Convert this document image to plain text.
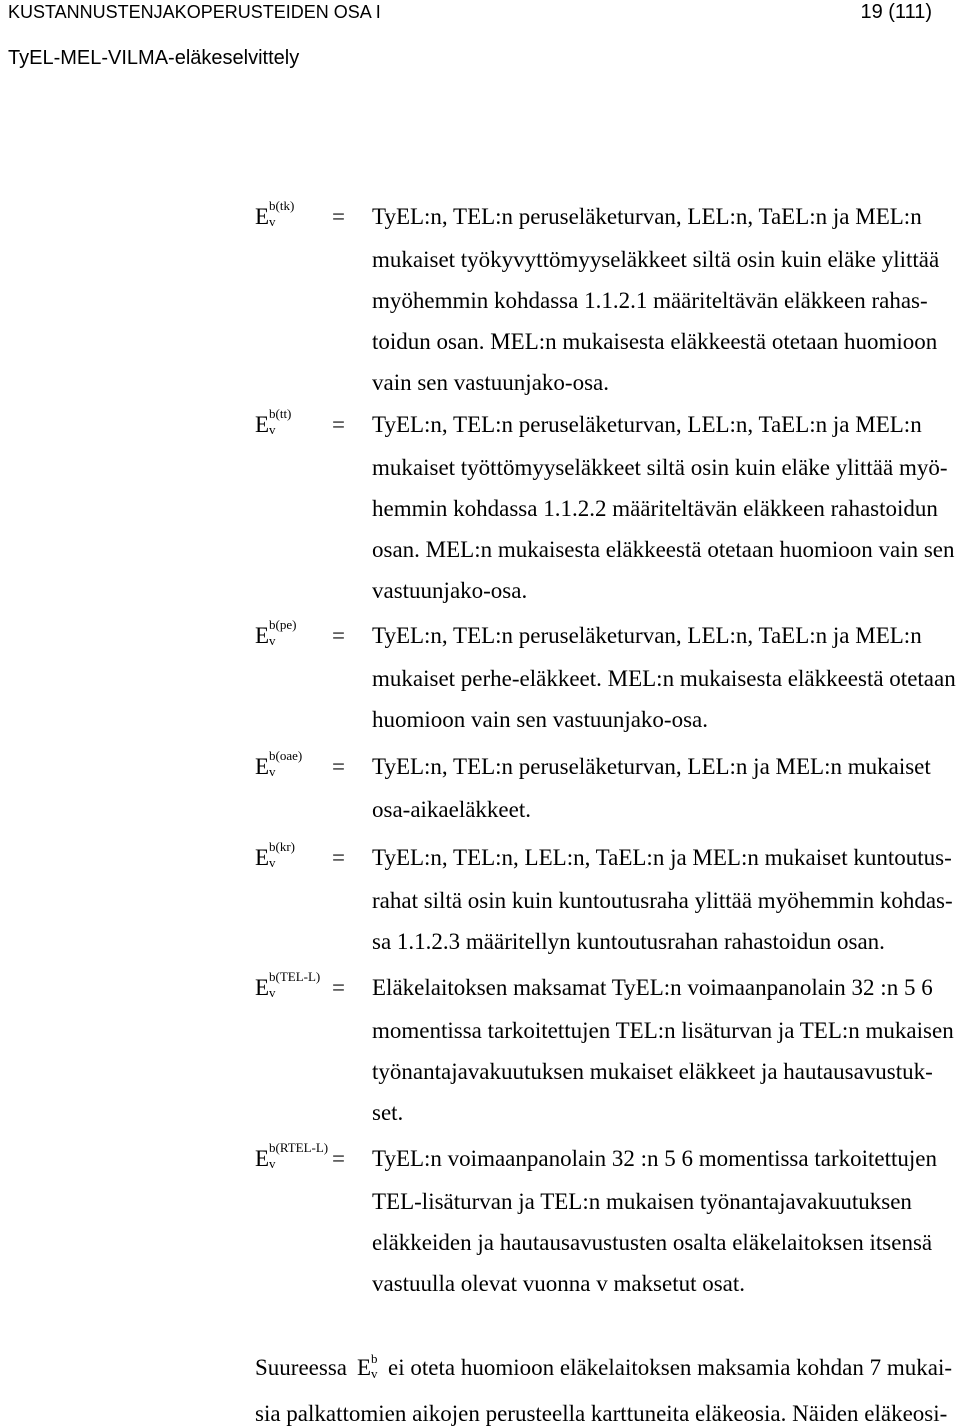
KUSTANNUSTENJAKOPERUSTEIDEN OSA I	19 (111)
TyEL-MEL-VILMA-eläkeselvittely
E b(tk)
v = TyEL:n, TEL:n peruseläketurvan, LEL:n, TaEL:n ja MEL:n
mukaiset työkyvyttömyyseläkkeet siltä osin kuin eläke ylittää
myöhemmin kohdassa 1.1.2.1 määriteltävän eläkkeen rahas-
toidun osan. MEL:n mukaisesta eläkkeestä otetaan huomioon
vain sen vastuunjako-osa.
E b(tt)
v = TyEL:n, TEL:n peruseläketurvan, LEL:n, TaEL:n ja MEL:n
mukaiset työttömyyseläkkeet siltä osin kuin eläke ylittää myö-
hemmin kohdassa 1.1.2.2 määriteltävän eläkkeen rahastoidun
osan. MEL:n mukaisesta eläkkeestä otetaan huomioon vain sen
vastuunjako-osa.
E b(pe)
v = TyEL:n, TEL:n peruseläketurvan, LEL:n, TaEL:n ja MEL:n
mukaiset perhe-eläkkeet. MEL:n mukaisesta eläkkeestä otetaan
huomioon vain sen vastuunjako-osa.
E b(oae)
v = TyEL:n, TEL:n peruseläketurvan, LEL:n ja MEL:n mukaiset
osa-aikaeläkkeet.
E b(kr)
v = TyEL:n, TEL:n, LEL:n, TaEL:n ja MEL:n mukaiset kuntoutus-
rahat siltä osin kuin kuntoutusraha ylittää myöhemmin kohdas-
sa 1.1.2.3 määritellyn kuntoutusrahan rahastoidun osan.
E b(TEL-L)
v = Eläkelaitoksen maksamat TyEL:n voimaanpanolain 32 :n 5 6
momentissa tarkoitettujen TEL:n lisäturvan ja TEL:n mukaisen
työnantajavakuutuksen mukaiset eläkkeet ja hautausavustuk-
set.
E b(RTEL-L)
v = TyEL:n voimaanpanolain 32 :n 5 6 momentissa tarkoitettujen
TEL-lisäturvan ja TEL:n mukaisen työnantajavakuutuksen
eläkkeiden ja hautausavustusten osalta eläkelaitoksen itsensä
vastuulla olevat vuonna v maksetut osat.
Suureessa E b
v ei oteta huomioon eläkelaitoksen maksamia kohdan 7 mukai-
sia palkattomien aikojen perusteella karttuneita eläkeosia. Näiden eläkeosi-
